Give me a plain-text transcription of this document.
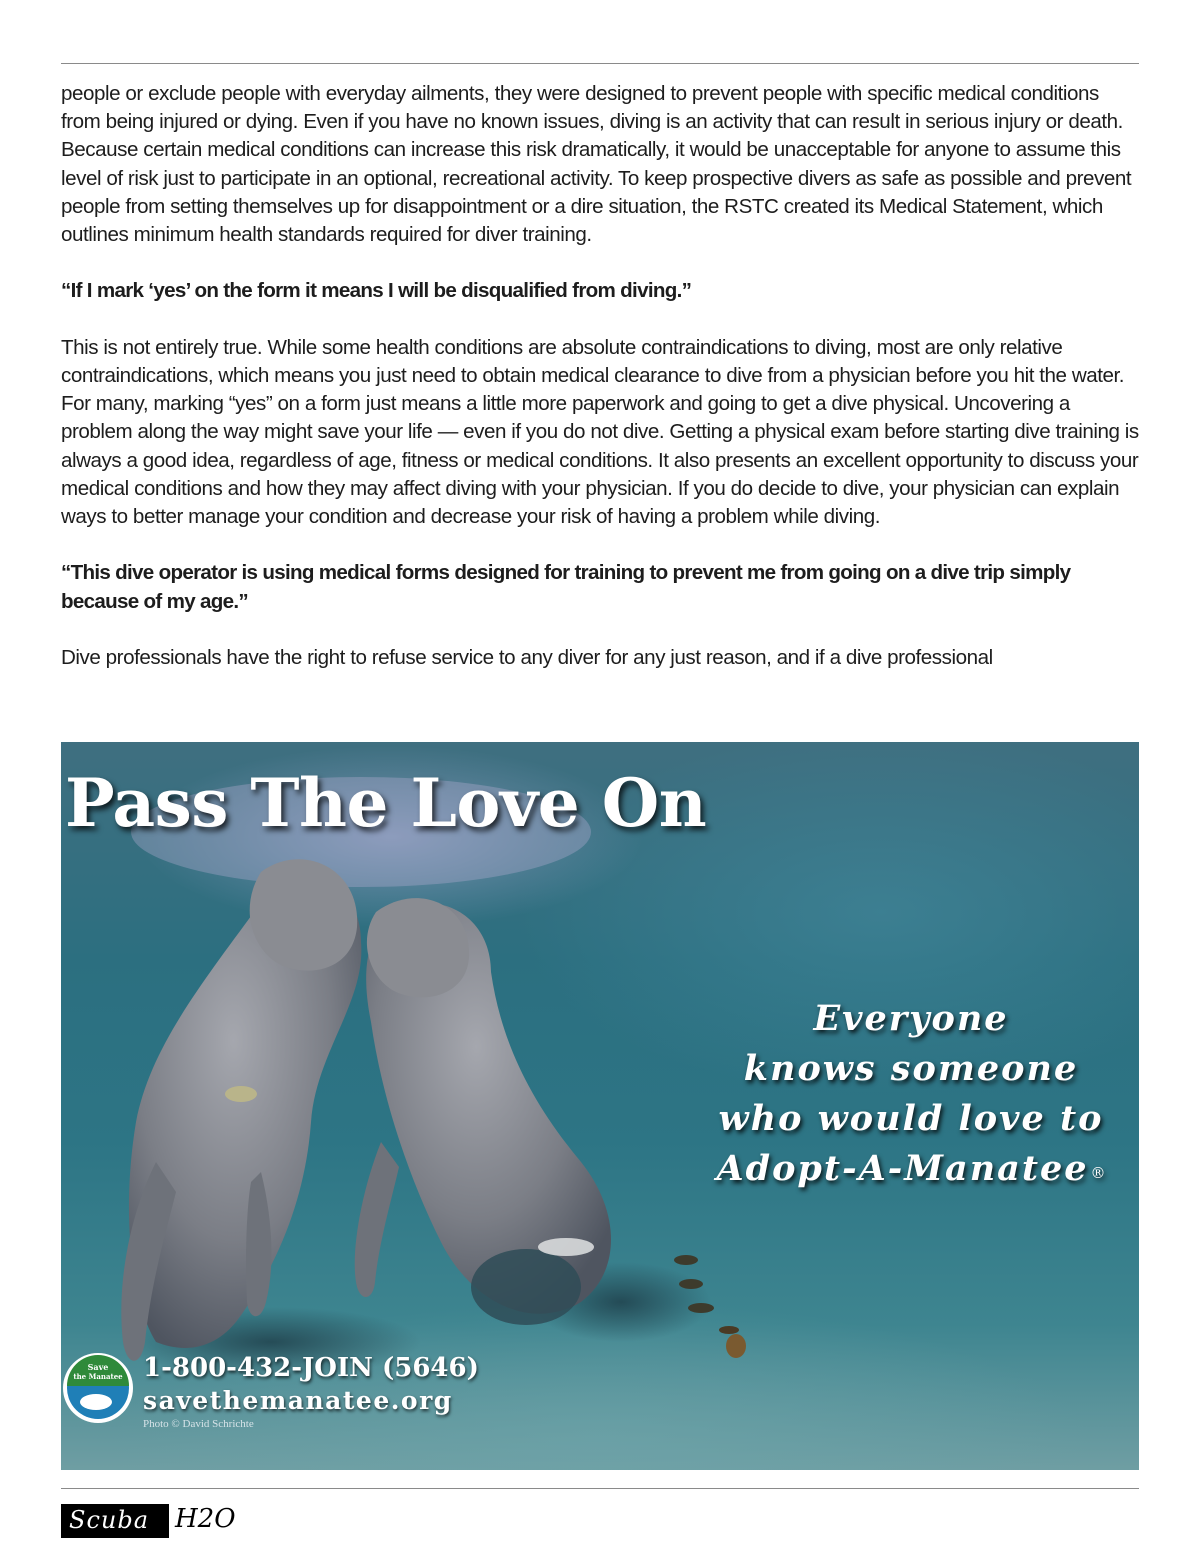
people or exclude people with everyday ailments, they were designed to prevent people with specific medical conditions from being injured or dying. Even if you have no known issues, diving is an activity that can result in serious injury or death. Because certain medical conditions can increase this risk dramatically, it would be unacceptable for anyone to assume this level of risk just to participate in an optional, recreational activity. To keep prospective divers as safe as possible and prevent people from setting themselves up for disappointment or a dire situation, the RSTC created its Medical Statement, which outlines minimum health standards required for diver training.

“If I mark ‘yes’ on the form it means I will be disqualified from diving.”

This is not entirely true. While some health conditions are absolute contraindications to diving, most are only relative contraindications, which means you just need to obtain medical clearance to dive from a physician before you hit the water. For many, marking “yes” on a form just means a little more paperwork and going to get a dive physical. Uncovering a problem along the way might save your life — even if you do not dive. Getting a physical exam before starting dive training is always a good idea, regardless of age, fitness or medical conditions. It also presents an excellent opportunity to discuss your medical conditions and how they may affect diving with your physician. If you do decide to dive, your physician can explain ways to better manage your condition and decrease your risk of having a problem while diving.

“This dive operator is using medical forms designed for training to prevent me from going on a dive trip simply because of my age.”

Dive professionals have the right to refuse service to any diver for any just reason, and if a dive professional

Pass The Love On
Everyone
knows someone
who would love to
Adopt-A-Manatee ®
Save
the Manatee 1-800-432-JOIN (5646)
savethemanatee.org
Photo © David Schrichte
Scuba H2O
